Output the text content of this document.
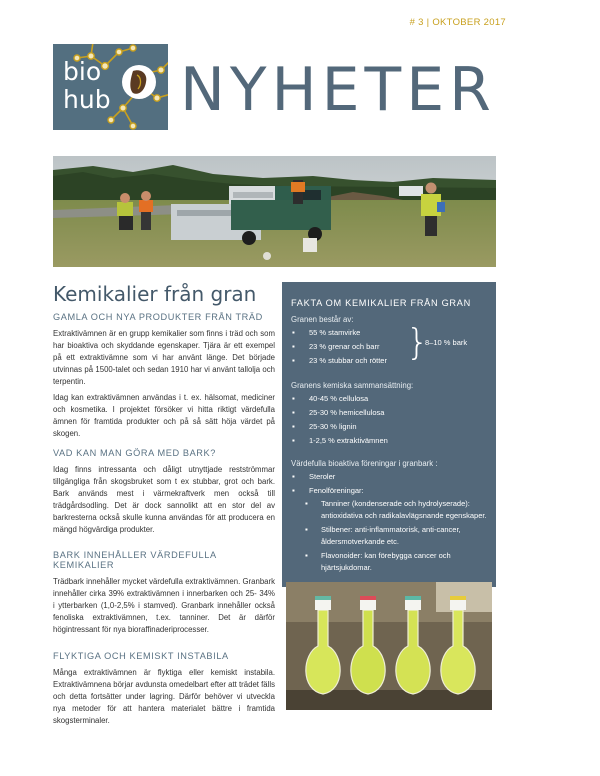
# 3 | OKTOBER 2017
bio
hub NYHETER
Kemikalier från gran
GAMLA OCH NYA PRODUKTER FRÅN TRÄD

Extraktivämnen är en grupp kemikalier som finns i träd och som har bioaktiva och skyddande egenskaper. Tjära är ett exempel på ett extraktivämne som vi har använt länge. Det började utvinnas på 1500-talet och sedan 1910 har vi använt tallolja och terpentin.

Idag kan extraktivämnen användas i t. ex. hälsomat, mediciner och kosmetika. I projektet försöker vi hitta riktigt värdefulla ämnen för framtida produkter och på så sätt höja värdet på skogen.

VAD KAN MAN GÖRA MED BARK?

Idag finns intressanta och dåligt utnyttjade restströmmar tillgängliga från skogsbruket som t ex stubbar, grot och bark. Bark används mest i värmekraftverk men också till trädgårdsodling. Det är dock sannolikt att en stor del av barkresterna också skulle kunna användas för att producera en mängd högvärdiga produkter.

BARK INNEHÅLLER VÄRDEFULLA KEMIKALIER

Trädbark innehåller mycket värdefulla extraktivämnen. Granbark innehåller cirka 39% extraktivämnen i innerbarken och 25- 34% i ytterbarken (1,0-2,5% i stamved). Granbark innehåller också fenoliska extraktivämnen, t.ex. tanniner. Det är därför högintressant för nya bioraffinaderiprocesser.

FLYKTIGA OCH KEMISKT INSTABILA

Många extraktivämnen är flyktiga eller kemiskt instabila. Extraktivämnena börjar avdunsta omedelbart efter att trädet fälls och detta fortsätter under lagring. Därför behöver vi utveckla nya metoder för att hantera materialet bättre i framtida skogsterminaler.

FAKTA OM KEMIKALIER FRÅN GRAN
Granen består av:
▪ 55 % stamvirke
▪ 23 % grenar och barr
▪ 23 % stubbar och rötter }
8–10 % bark
Granens kemiska sammansättning:
▪ 40-45 % cellulosa
▪ 25-30 % hemicellulosa
▪ 25-30 % lignin
▪ 1-2,5 % extraktivämnen
Värdefulla bioaktiva föreningar i granbark :
▪ Steroler
▪ Fenolföreningar:
▪ Tanniner (kondenserade och hydrolyserade): antioxidativa och radikalavlägsnande egenskaper.
▪ Stilbener: anti-inflammatorisk, anti-cancer, åldersmotverkande etc.
▪ Flavonoider: kan förebygga cancer och hjärtsjukdomar.
